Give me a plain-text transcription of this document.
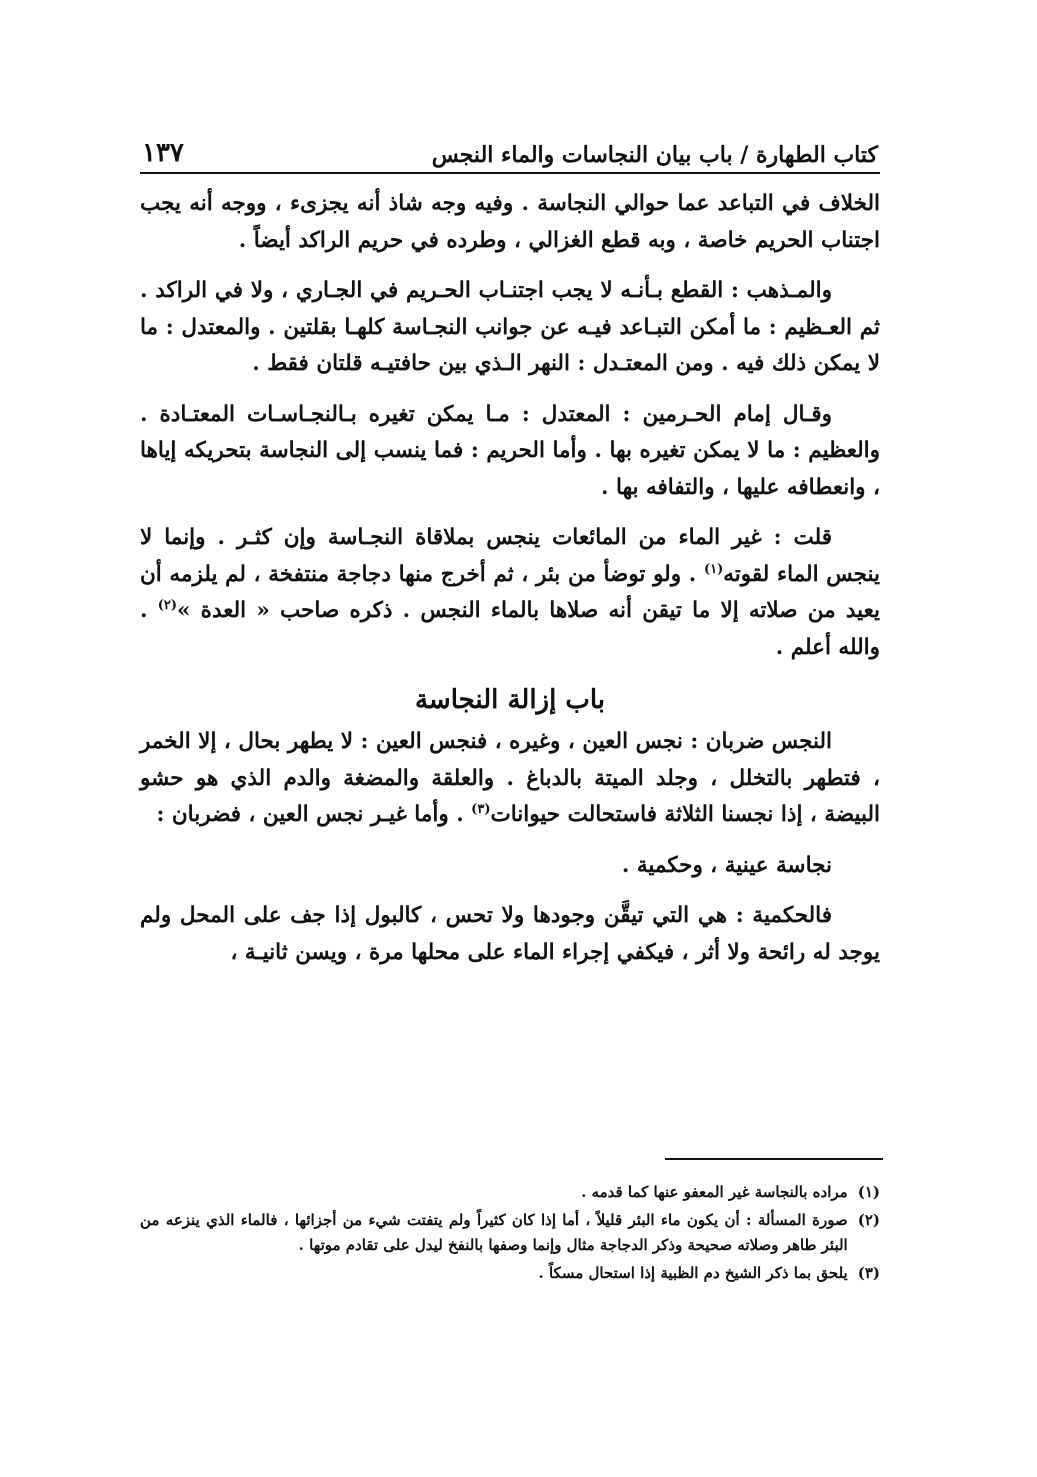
كتاب الطهارة / باب بيان النجاسات والماء النجس
١٣٧

الخلاف في التباعد عما حوالي النجاسة . وفيه وجه شاذ أنه يجزىء ، ووجه أنه يجب اجتناب الحريم خاصة ، وبه قطع الغزالي ، وطرده في حريم الراكد أيضاً .

والمـذهب : القطع بـأنـه لا يجب اجتنـاب الحـريم في الجـاري ، ولا في الراكد . ثم العـظيم : ما أمكن التبـاعد فيـه عن جوانب النجـاسة كلهـا بقلتين . والمعتدل : ما لا يمكن ذلك فيه . ومن المعتـدل : النهر الـذي بين حافتيـه قلتان فقط .

وقـال إمام الحـرمين : المعتدل : مـا يمكن تغيره بـالنجـاسـات المعتـادة . والعظيم : ما لا يمكن تغيره بها . وأما الحريم : فما ينسب إلى النجاسة بتحريكه إياها ، وانعطافه عليها ، والتفافه بها .

قلت : غير الماء من المائعات ينجس بملاقاة النجـاسة وإن كثـر . وإنما لا ينجس الماء لقوته$^{(١)}$ . ولو توضأ من بئر ، ثم أخرج منها دجاجة منتفخة ، لم يلزمه أن يعيد من صلاته إلا ما تيقن أنه صلاها بالماء النجس . ذكره صاحب « العدة »$^{(٢)}$ . والله أعلم .

باب إزالة النجاسة

النجس ضربان : نجس العين ، وغيره ، فنجس العين : لا يطهر بحال ، إلا الخمر ، فتطهر بالتخلل ، وجلد الميتة بالدباغ . والعلقة والمضغة والدم الذي هو حشو البيضة ، إذا نجسنا الثلاثة فاستحالت حيوانات$^{(٣)}$ . وأما غيـر نجس العين ، فضربان :

نجاسة عينية ، وحكمية .

فالحكمية : هي التي تيقَّن وجودها ولا تحس ، كالبول إذا جف على المحل ولم يوجد له رائحة ولا أثر ، فيكفي إجراء الماء على محلها مرة ، ويسن ثانيـة ،

(١)
مراده بالنجاسة غير المعفو عنها كما قدمه .
(٢)
صورة المسألة : أن يكون ماء البئر قليلاً ، أما إذا كان كثيراً ولم يتفتت شيء من أجزائها ، فالماء الذي ينزعه من البئر طاهر وصلاته صحيحة وذكر الدجاجة مثال وإنما وصفها بالنفخ ليدل على تقادم موتها .
(٣)
يلحق بما ذكر الشيخ دم الظبية إذا استحال مسكاً .
